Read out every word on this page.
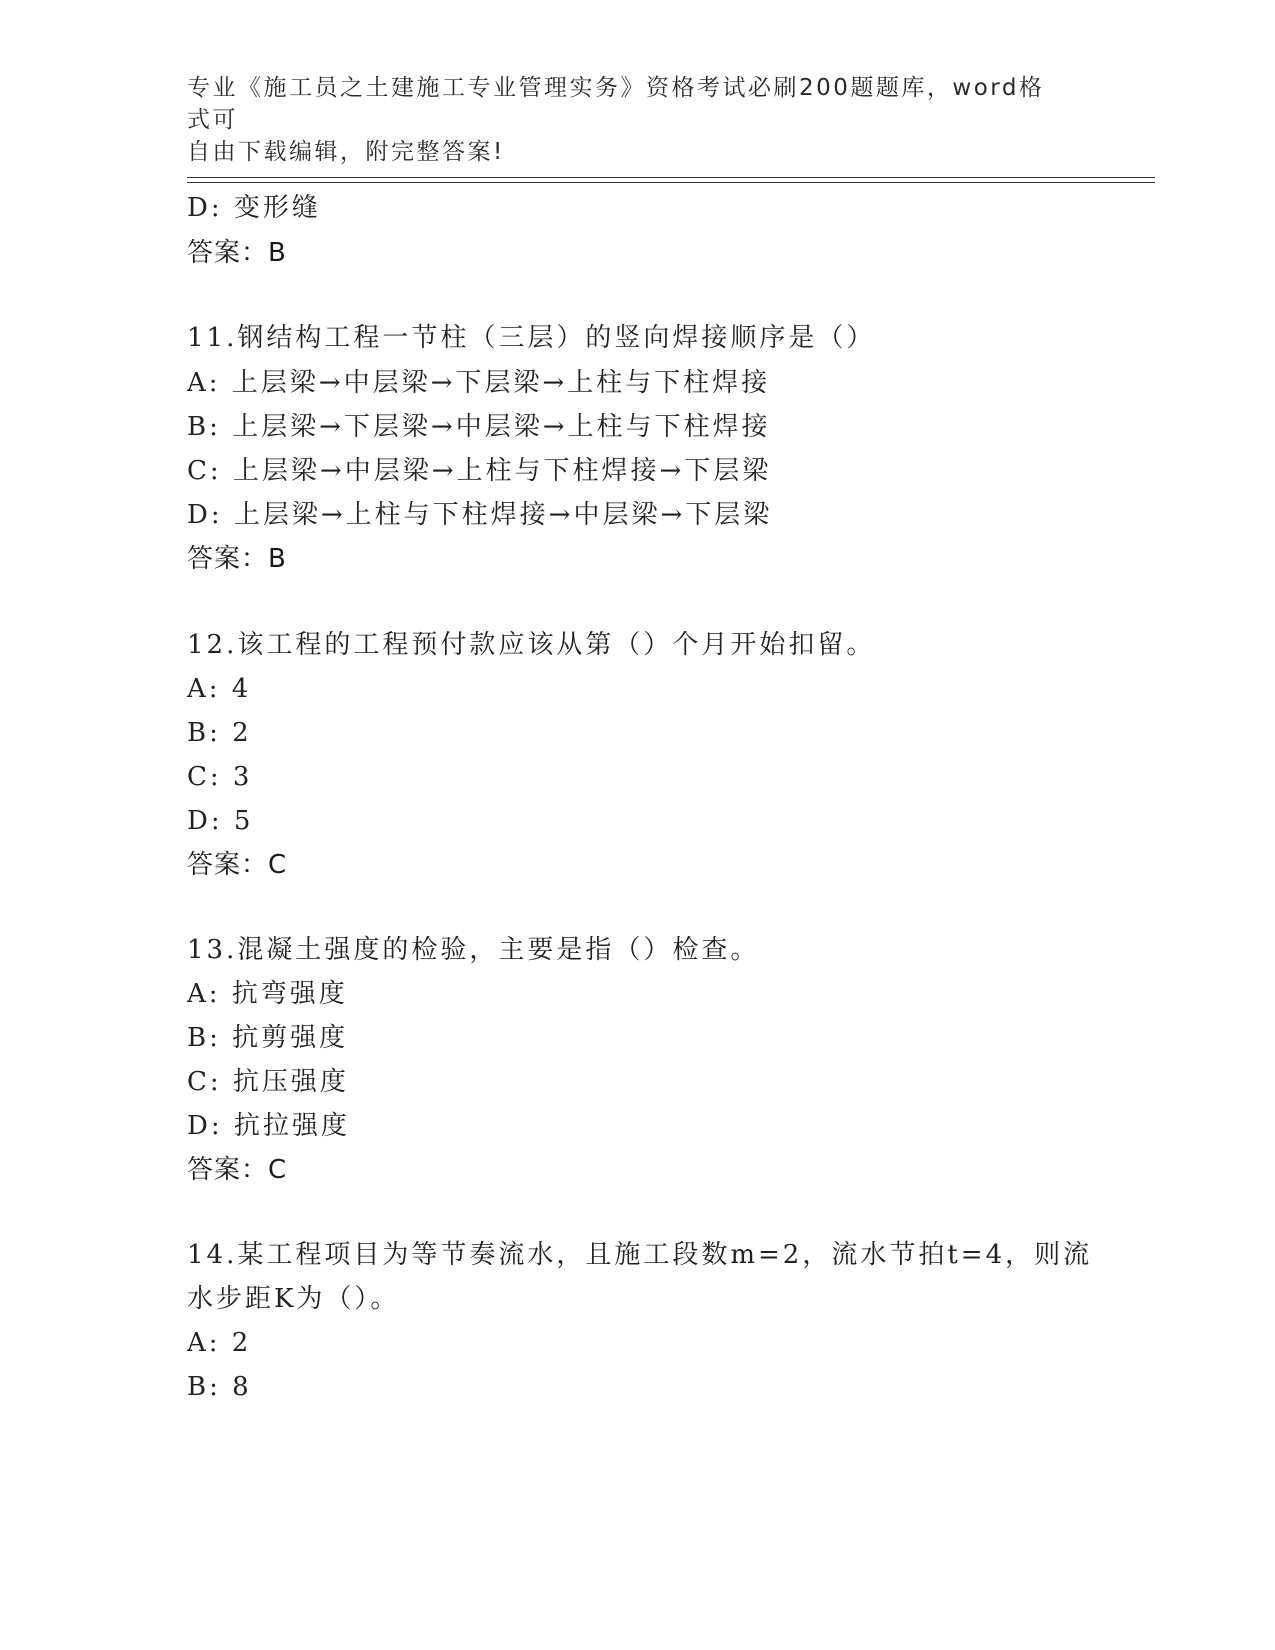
专业《施工员之土建施工专业管理实务》资格考试必刷200题题库，word格式可
自由下载编辑，附完整答案!
D: 变形缝
答案：B
11.钢结构工程一节柱（三层）的竖向焊接顺序是（）
A: 上层梁→中层梁→下层梁→上柱与下柱焊接
B: 上层梁→下层梁→中层梁→上柱与下柱焊接
C: 上层梁→中层梁→上柱与下柱焊接→下层梁
D: 上层梁→上柱与下柱焊接→中层梁→下层梁
答案：B
12.该工程的工程预付款应该从第（）个月开始扣留。
A: 4
B: 2
C: 3
D: 5
答案：C
13.混凝土强度的检验，主要是指（）检查。
A: 抗弯强度
B: 抗剪强度
C: 抗压强度
D: 抗拉强度
答案：C
14.某工程项目为等节奏流水，且施工段数m=2，流水节拍t=4，则流
水步距K为（）。
A: 2
B: 8
